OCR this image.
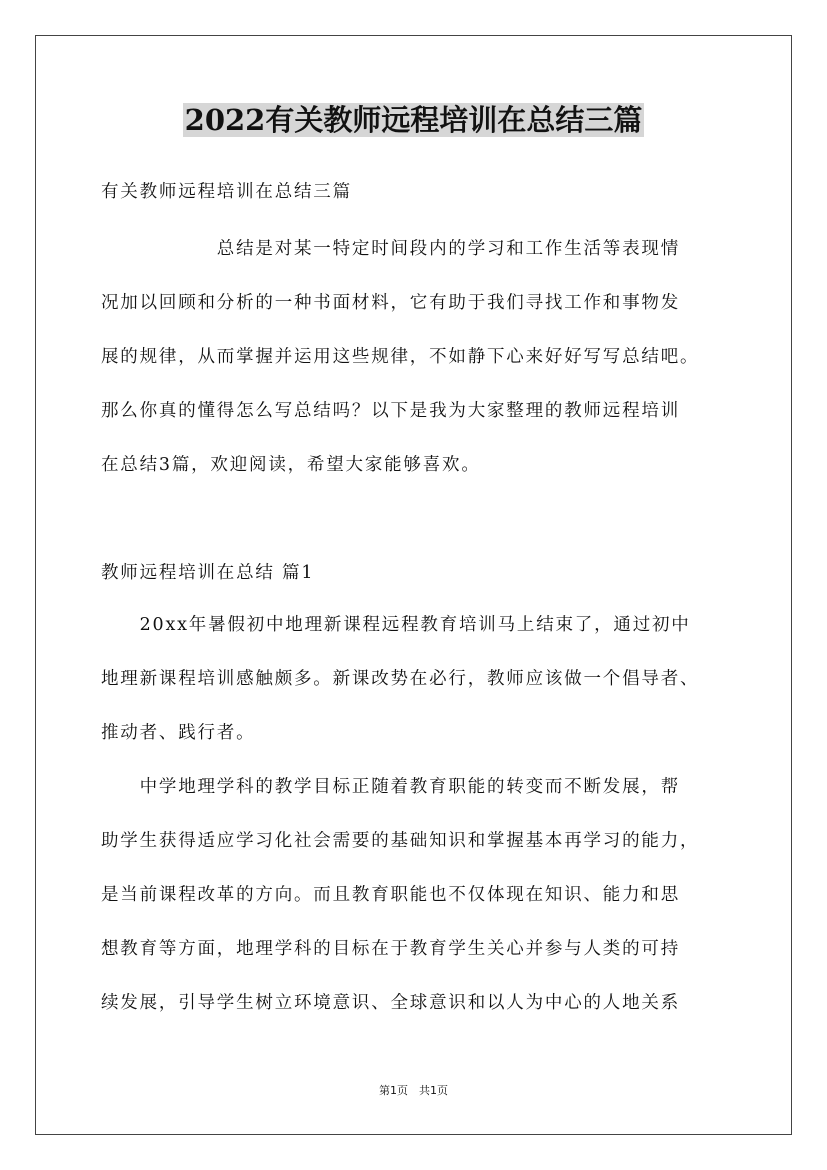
2022有关教师远程培训在总结三篇

有关教师远程培训在总结三篇

　　　　　　总结是对某一特定时间段内的学习和工作生活等表现情
况加以回顾和分析的一种书面材料，它有助于我们寻找工作和事物发
展的规律，从而掌握并运用这些规律，不如静下心来好好写写总结吧。
那么你真的懂得怎么写总结吗？以下是我为大家整理的教师远程培训
在总结3篇，欢迎阅读，希望大家能够喜欢。

教师远程培训在总结 篇1

　　20xx年暑假初中地理新课程远程教育培训马上结束了，通过初中
地理新课程培训感触颇多。新课改势在必行，教师应该做一个倡导者、
推动者、践行者。
　　中学地理学科的教学目标正随着教育职能的转变而不断发展，帮
助学生获得适应学习化社会需要的基础知识和掌握基本再学习的能力，
是当前课程改革的方向。而且教育职能也不仅体现在知识、能力和思
想教育等方面，地理学科的目标在于教育学生关心并参与人类的可持
续发展，引导学生树立环境意识、全球意识和以人为中心的人地关系
第1页　共1页
